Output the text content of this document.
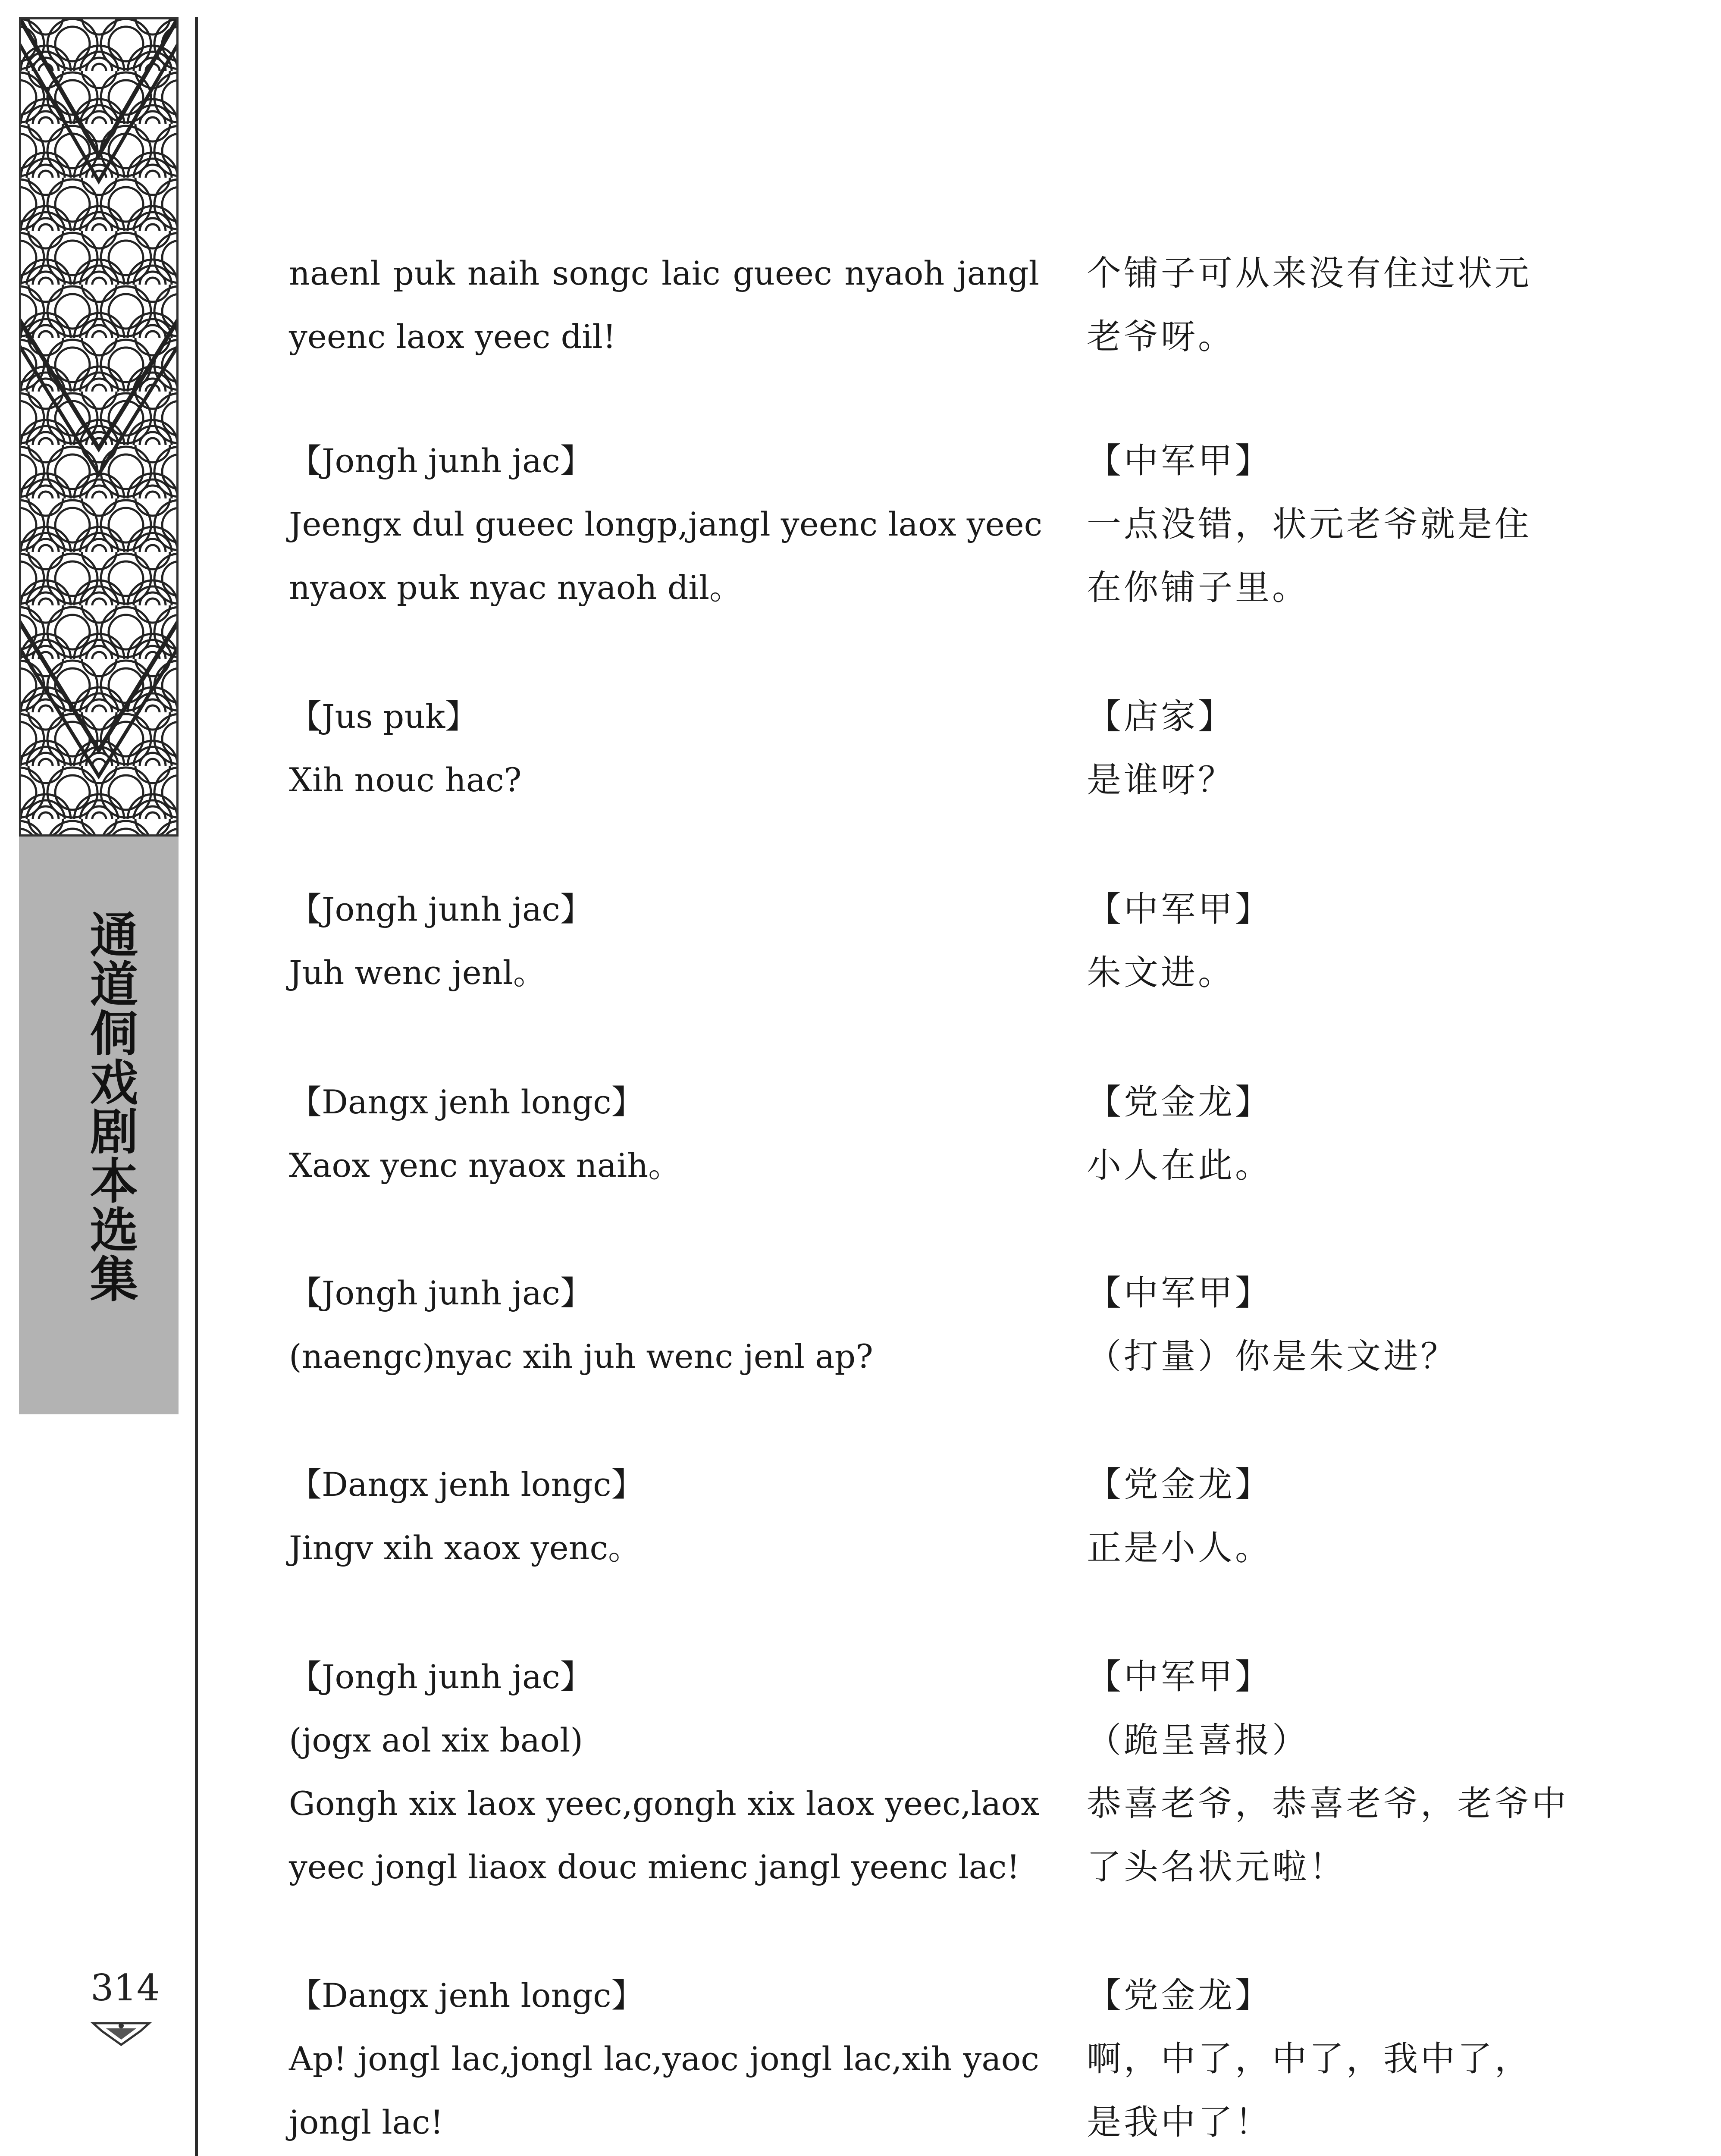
通道侗戏剧本选集
314
naenl puk naih songc laic gueec nyaoh jangl
yeenc laox yeec dil!
【Jongh junh jac】
Jeengx dul gueec longp,jangl yeenc laox yeec
nyaox puk nyac nyaoh dil。
【Jus puk】
Xih nouc hac?
【Jongh junh jac】
Juh wenc jenl。
【Dangx jenh longc】
Xaox yenc nyaox naih。
【Jongh junh jac】
(naengc)nyac xih juh wenc jenl ap?
【Dangx jenh longc】
Jingv xih xaox yenc。
【Jongh junh jac】
(jogx aol xix baol)
Gongh xix laox yeec,gongh xix laox yeec,laox
yeec jongl liaox douc mienc jangl yeenc lac!
【Dangx jenh longc】
Ap! jongl lac,jongl lac,yaoc jongl lac,xih yaoc
jongl lac!
个铺子可从来没有住过状元
老爷呀。
【中军甲】
一点没错，状元老爷就是住
在你铺子里。
【店家】
是谁呀？
【中军甲】
朱文进。
【党金龙】
小人在此。
【中军甲】
（打量）你是朱文进？
【党金龙】
正是小人。
【中军甲】
（跪呈喜报）
恭喜老爷，恭喜老爷，老爷中
了头名状元啦！
【党金龙】
啊，中了，中了，我中了，
是我中了！
